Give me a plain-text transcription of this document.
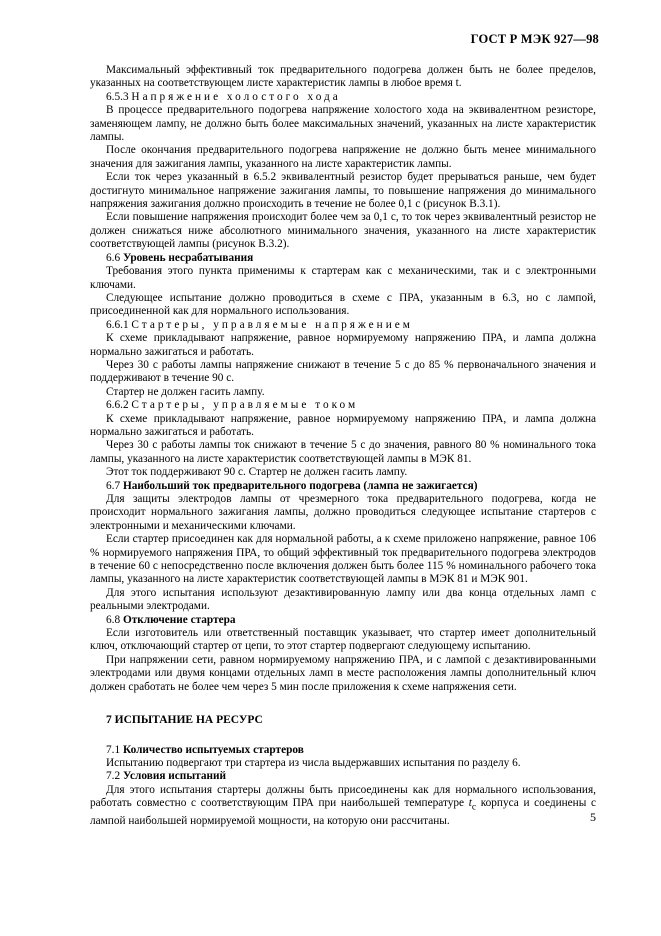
ГОСТ Р МЭК 927—98

Максимальный эффективный ток предварительного подогрева должен быть не более пределов, указанных на соответствующем листе характеристик лампы в любое время t.

6.5.3 Напряжение холостого хода

В процессе предварительного подогрева напряжение холостого хода на эквивалентном резисторе, заменяющем лампу, не должно быть более максимальных значений, указанных на листе характеристик лампы.

После окончания предварительного подогрева напряжение не должно быть менее минимального значения для зажигания лампы, указанного на листе характеристик лампы.

Если ток через указанный в 6.5.2 эквивалентный резистор будет прерываться раньше, чем будет достигнуто минимальное напряжение зажигания лампы, то повышение напряжения до минимального напряжения зажигания должно происходить в течение не более 0,1 с (рисунок В.3.1).

Если повышение напряжения происходит более чем за 0,1 с, то ток через эквивалентный резистор не должен снижаться ниже абсолютного минимального значения, указанного на листе характеристик соответствующей лампы (рисунок В.3.2).

6.6 Уровень несрабатывания

Требования этого пункта применимы к стартерам как с механическими, так и с электронными ключами.

Следующее испытание должно проводиться в схеме с ПРА, указанным в 6.3, но с лампой, присоединенной как для нормального использования.

6.6.1 Стартеры, управляемые напряжением

К схеме прикладывают напряжение, равное нормируемому напряжению ПРА, и лампа должна нормально зажигаться и работать.

Через 30 с работы лампы напряжение снижают в течение 5 с до 85 % первоначального значения и поддерживают в течение 90 с.

Стартер не должен гасить лампу.

6.6.2 Стартеры, управляемые током

К схеме прикладывают напряжение, равное нормируемому напряжению ПРА, и лампа должна нормально зажигаться и работать.

Через 30 с работы лампы ток снижают в течение 5 с до значения, равного 80 % номинального тока лампы, указанного на листе характеристик соответствующей лампы в МЭК 81.

Этот ток поддерживают 90 с. Стартер не должен гасить лампу.

6.7 Наибольший ток предварительного подогрева (лампа не зажигается)

Для защиты электродов лампы от чрезмерного тока предварительного подогрева, когда не происходит нормального зажигания лампы, должно проводиться следующее испытание стартеров с электронными и механическими ключами.

Если стартер присоединен как для нормальной работы, а к схеме приложено напряжение, равное 106 % нормируемого напряжения ПРА, то общий эффективный ток предварительного подогрева электродов в течение 60 с непосредственно после включения должен быть более 115 % номинального рабочего тока лампы, указанного на листе характеристик соответствующей лампы в МЭК 81 и МЭК 901.

Для этого испытания используют дезактивированную лампу или два конца отдельных ламп с реальными электродами.

6.8 Отключение стартера

Если изготовитель или ответственный поставщик указывает, что стартер имеет дополнительный ключ, отключающий стартер от цепи, то этот стартер подвергают следующему испытанию.

При напряжении сети, равном нормируемому напряжению ПРА, и с лампой с дезактивированными электродами или двумя концами отдельных ламп в месте расположения лампы дополнительный ключ должен сработать не более чем через 5 мин после приложения к схеме напряжения сети.

7 ИСПЫТАНИЕ НА РЕСУРС

7.1 Количество испытуемых стартеров

Испытанию подвергают три стартера из числа выдержавших испытания по разделу 6.

7.2 Условия испытаний

Для этого испытания стартеры должны быть присоединены как для нормального использования, работать совместно с соответствующим ПРА при наибольшей температуре $t_c$ корпуса и соединены с лампой наибольшей нормируемой мощности, на которую они рассчитаны.	5
